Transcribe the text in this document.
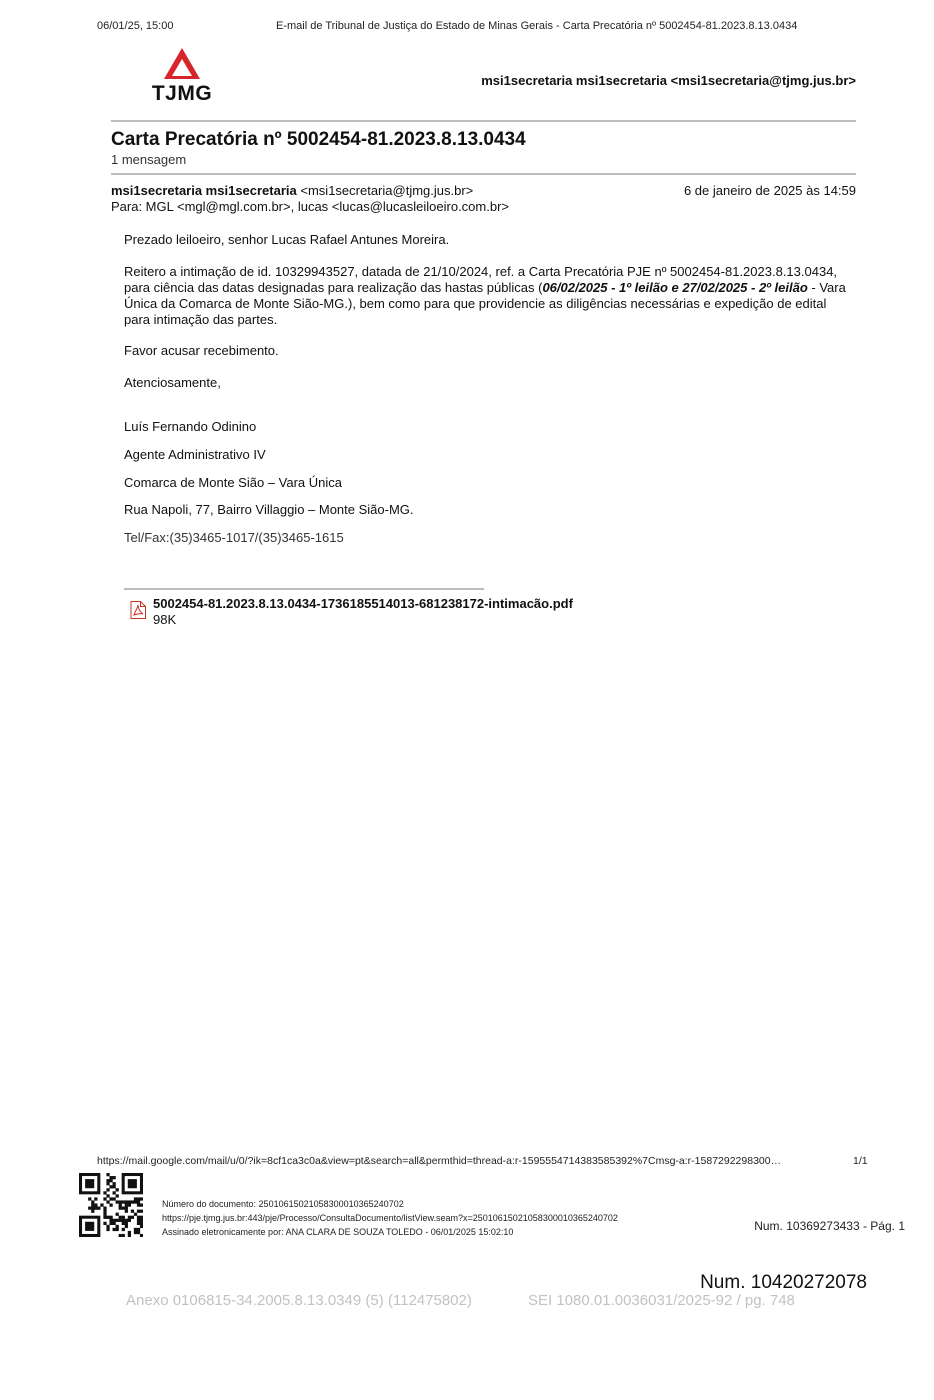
06/01/25, 15:00	E-mail de Tribunal de Justiça do Estado de Minas Gerais - Carta Precatória nº 5002454-81.2023.8.13.0434
TJMG
msi1secretaria msi1secretaria <msi1secretaria@tjmg.jus.br>
Carta Precatória nº 5002454-81.2023.8.13.0434
1 mensagem
msi1secretaria msi1secretaria <msi1secretaria@tjmg.jus.br>	6 de janeiro de 2025 às 14:59
Para: MGL <mgl@mgl.com.br>, lucas <lucas@lucasleiloeiro.com.br>
Prezado leiloeiro, senhor Lucas Rafael Antunes Moreira.
Reitero a intimação de id. 10329943527, datada de 21/10/2024, ref. a Carta Precatória PJE nº 5002454-81.2023.8.13.0434, para ciência das datas designadas para realização das hastas públicas (06/02/2025 - 1º leilão e 27/02/2025 - 2º leilão - Vara Única da Comarca de Monte Sião-MG.), bem como para que providencie as diligências necessárias e expedição de edital para intimação das partes.
Favor acusar recebimento.
Atenciosamente,
Luís Fernando Odinino
Agente Administrativo IV
Comarca de Monte Sião – Vara Única
Rua Napoli, 77, Bairro Villaggio – Monte Sião-MG.
Tel/Fax:(35)3465-1017/(35)3465-1615
5002454-81.2023.8.13.0434-1736185514013-681238172-intimacão.pdf
98K
https://mail.google.com/mail/u/0/?ik=8cf1ca3c0a&view=pt&search=all&permthid=thread-a:r-1595554714383585392%7Cmsg-a:r-1587292298300…	1/1
Número do documento: 25010615021058300010365240702
https://pje.tjmg.jus.br:443/pje/Processo/ConsultaDocumento/listView.seam?x=25010615021058300010365240702
Assinado eletronicamente por: ANA CLARA DE SOUZA TOLEDO - 06/01/2025 15:02:10	Num. 10369273433 - Pág. 1
Num. 10420272078
Anexo 0106815-34.2005.8.13.0349 (5) (112475802)	SEI 1080.01.0036031/2025-92 / pg. 748
